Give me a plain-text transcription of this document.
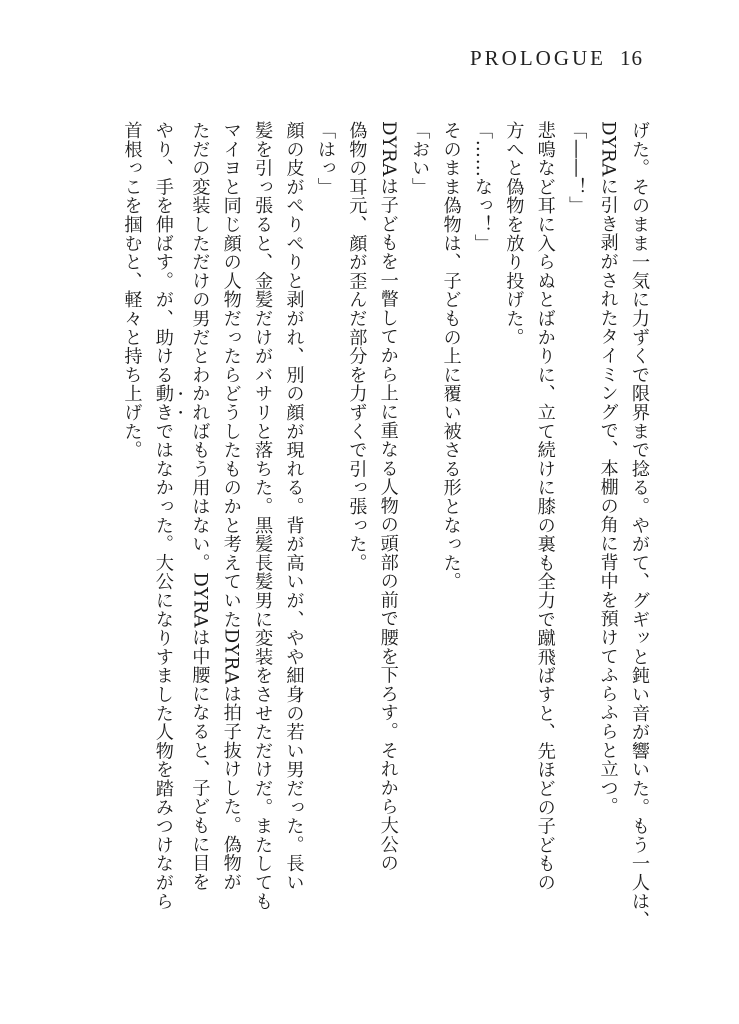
PROLOGUE 16

げた。そのまま一気に力ずくで限界まで捻る。やがて、グギッと鈍い音が響いた。もう一人は、

DYRAに引き剥がされたタイミングで、本棚の角に背中を預けてふらふらと立つ。

「――！」

悲鳴など耳に入らぬとばかりに、立て続けに膝の裏も全力で蹴飛ばすと、先ほどの子どもの

方へと偽物を放り投げた。

「……なっ！」

そのまま偽物は、子どもの上に覆い被さる形となった。

「おい」

DYRAは子どもを一瞥してから上に重なる人物の頭部の前で腰を下ろす。それから大公の

偽物の耳元、顔が歪んだ部分を力ずくで引っ張った。

「はっ」

顔の皮がぺりぺりと剥がれ、別の顔が現れる。背が高いが、やや細身の若い男だった。長い

髪を引っ張ると、金髪だけがバサリと落ちた。黒髪長髪男に変装をさせただけだ。またしても

マイヨと同じ顔の人物だったらどうしたものかと考えていたDYRAは拍子抜けした。偽物が

ただの変装しただけの男だとわかればもう用はない。DYRAは中腰になると、子どもに目を

やり、手を伸ばす。が、助ける動きではなかった。大公になりすました人物を踏みつけながら

首根っこを掴むと、軽々と持ち上げた。
